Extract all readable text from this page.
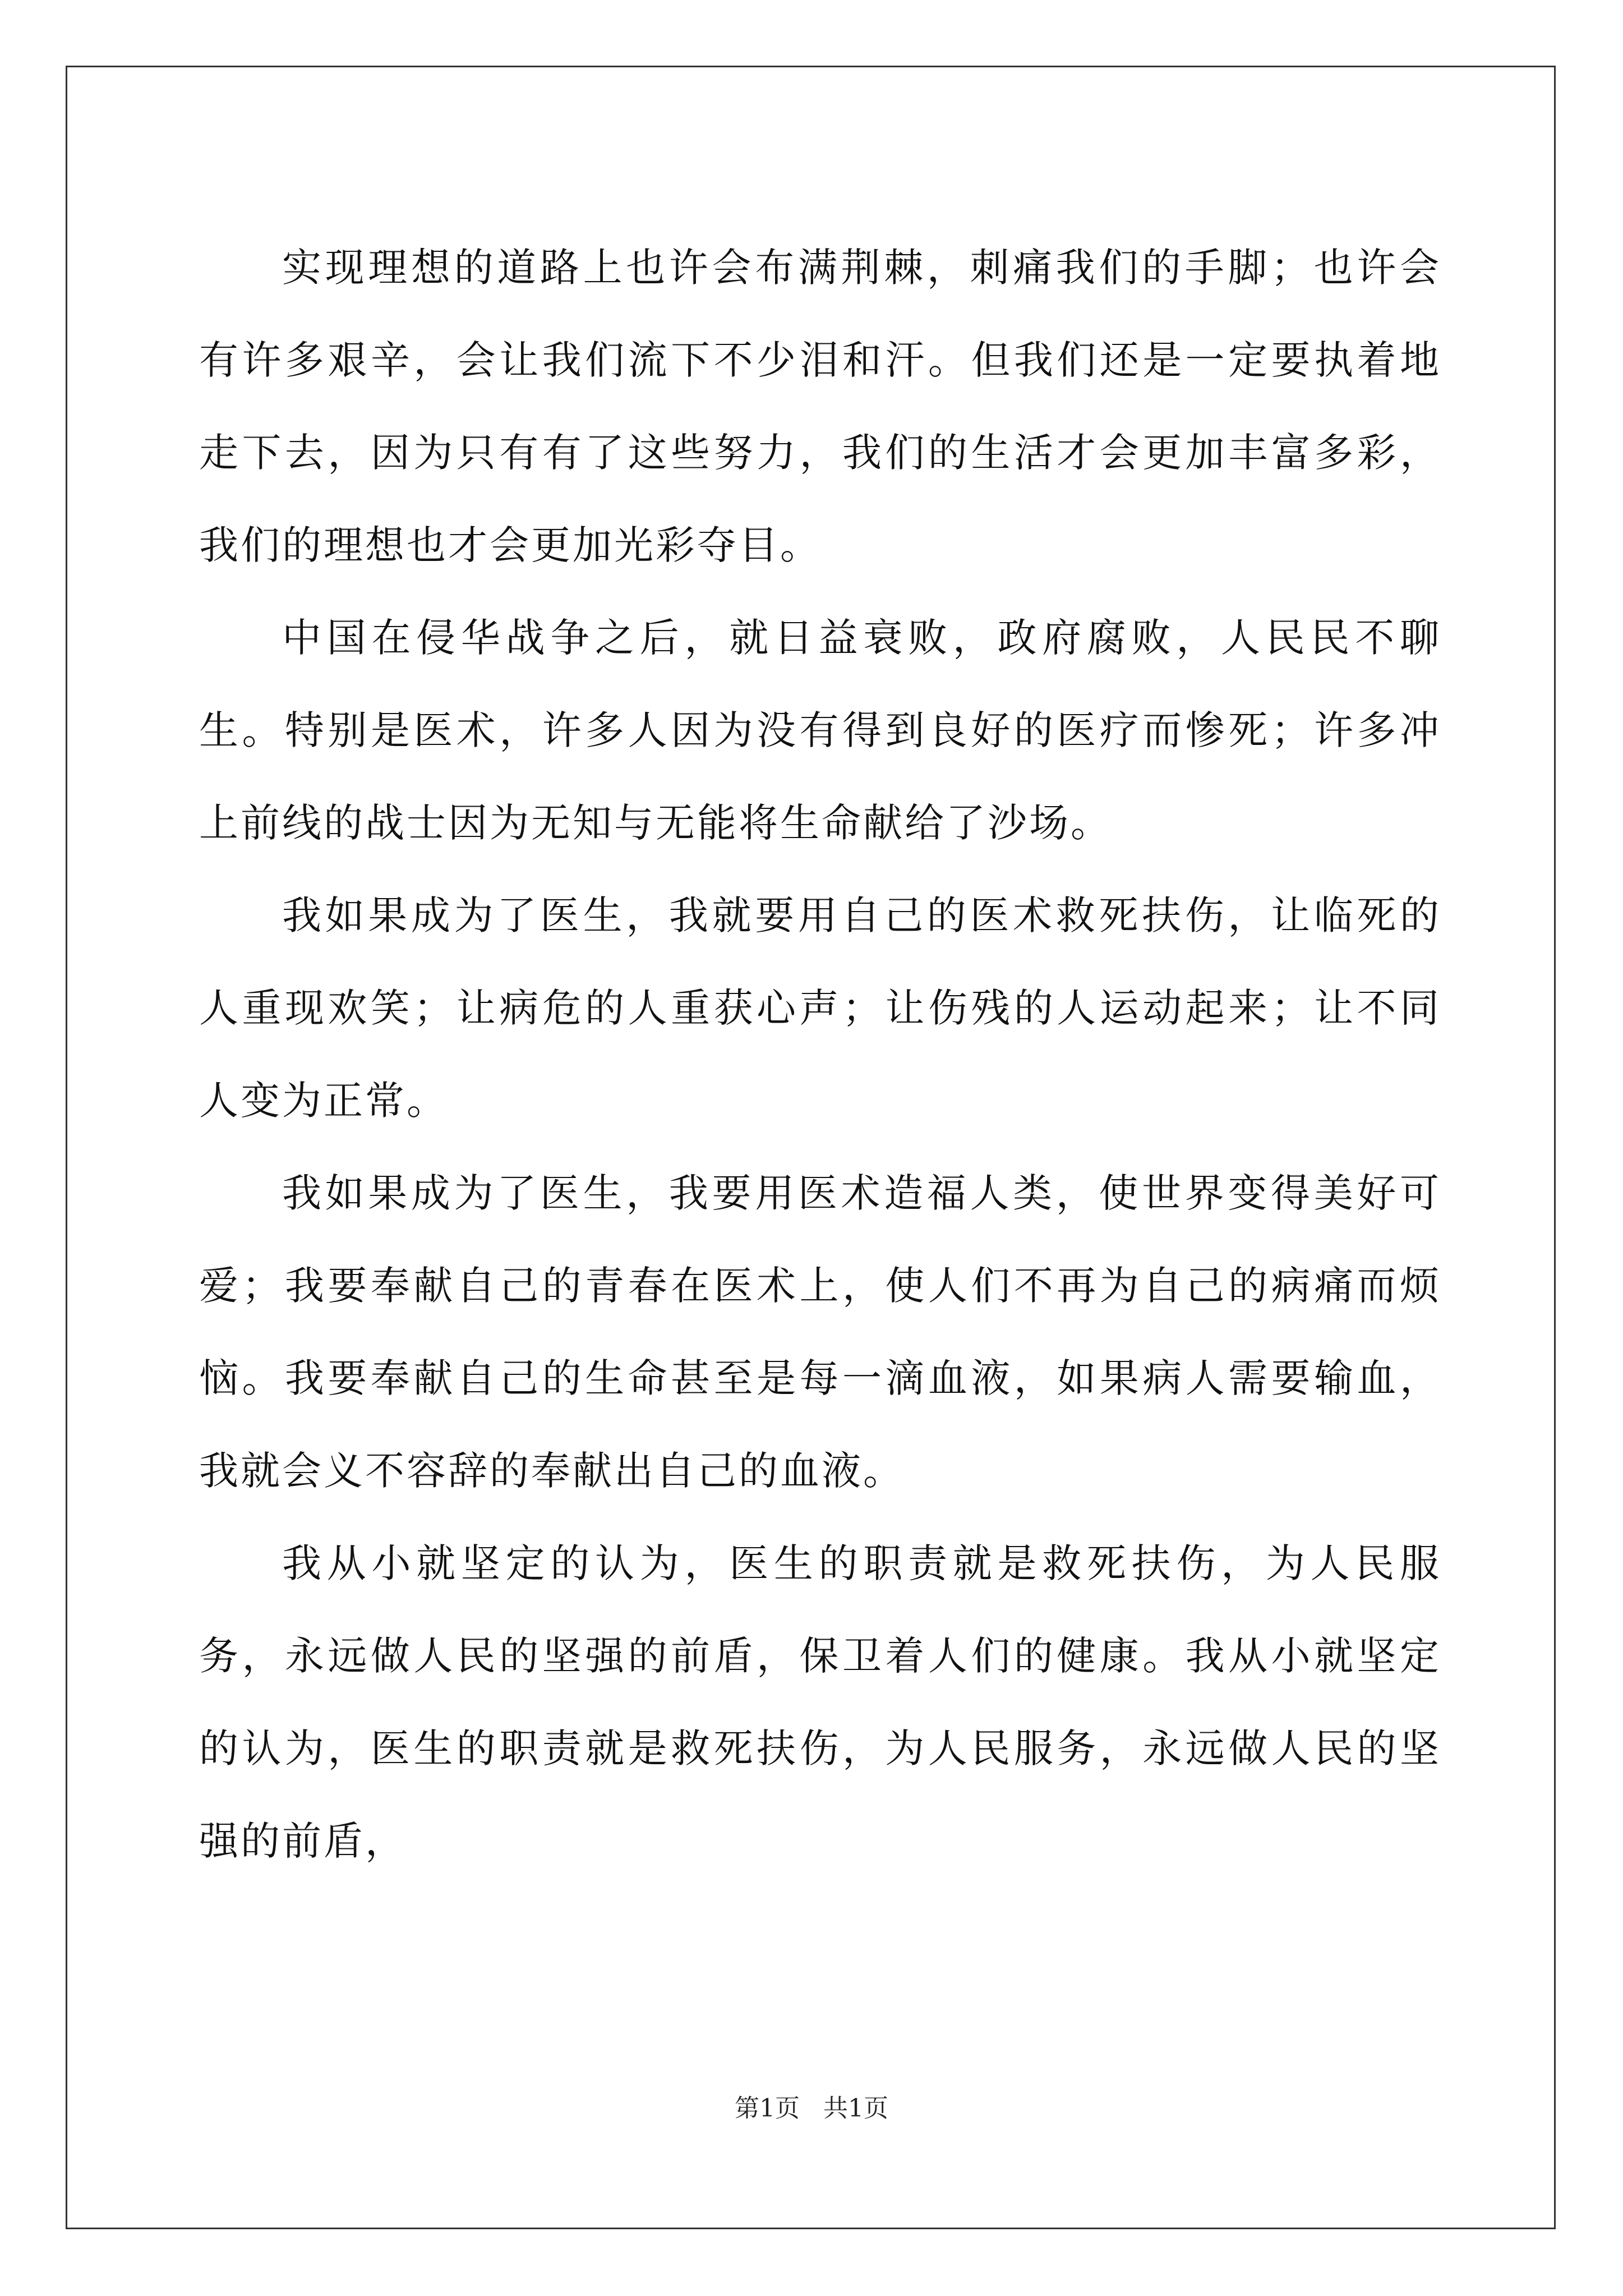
实现理想的道路上也许会布满荆棘，刺痛我们的手脚；也许会有许多艰辛，会让我们流下不少泪和汗。但我们还是一定要执着地走下去，因为只有有了这些努力，我们的生活才会更加丰富多彩，我们的理想也才会更加光彩夺目。

中国在侵华战争之后，就日益衰败，政府腐败，人民民不聊生。特别是医术，许多人因为没有得到良好的医疗而惨死；许多冲上前线的战士因为无知与无能将生命献给了沙场。

我如果成为了医生，我就要用自己的医术救死扶伤，让临死的人重现欢笑；让病危的人重获心声；让伤残的人运动起来；让不同人变为正常。

我如果成为了医生，我要用医术造福人类，使世界变得美好可爱；我要奉献自己的青春在医术上，使人们不再为自己的病痛而烦恼。我要奉献自己的生命甚至是每一滴血液，如果病人需要输血，我就会义不容辞的奉献出自己的血液。

我从小就坚定的认为，医生的职责就是救死扶伤，为人民服务，永远做人民的坚强的前盾，保卫着人们的健康。我从小就坚定的认为，医生的职责就是救死扶伤，为人民服务，永远做人民的坚强的前盾，

第1页   共1页
